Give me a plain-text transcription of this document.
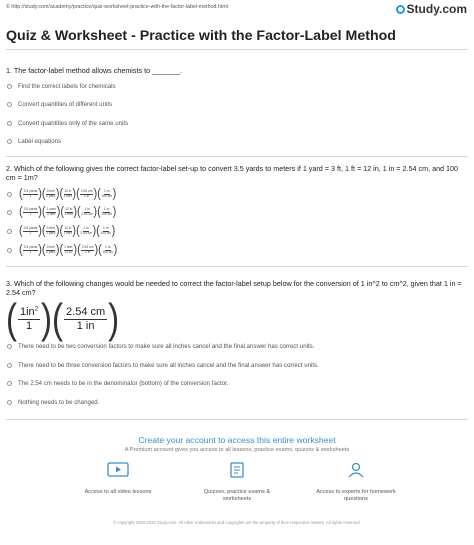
© http://study.com/academy/practice/quiz-worksheet-practice-with-the-factor-label-method.html	Study.com
Quiz & Worksheet - Practice with the Factor-Label Method
1. The factor-label method allows chemists to _______.
Find the correct labels for chemicals
Convert quantities of different units
Convert quantities only of the same units
Label equations
2. Which of the following gives the correct factor-label set-up to convert 3.5 yards to meters if 1 yard = 3 ft, 1 ft = 12 in, 1 in = 2.54 cm, and 100 cm = 1m?
( $\frac{\text{3.5 yards}}{1}$ ) ( $\frac{\text{3 feet}}{\text{1 yard}}$ ) ( $\frac{12 in}{\text{1 feet}}$ ) ( $\frac{2.54 cm}{1 in}$ ) ( $\frac{1 m}{100 cm}$ )
( $\frac{\text{3.5 yards}}{1}$ ) ( $\frac{\text{1 yard}}{\text{3 feet}}$ ) ( $\frac{12 in}{\text{1 feet}}$ ) ( $\frac{1 in}{2.54 cm}$ ) ( $\frac{1 m}{100 cm}$ )
( $\frac{\text{3.5 yards}}{1}$ ) ( $\frac{\text{3 feet}}{\text{1 yard}}$ ) ( $\frac{12 in}{\text{1 feet}}$ ) ( $\frac{1 in}{2.54 cm}$ ) ( $\frac{1 m}{100 cm}$ )
( $\frac{\text{3.5 yards}}{1}$ ) ( $\frac{\text{3 feet}}{\text{1 yard}}$ ) ( $\frac{\text{1 feet}}{12 in}$ ) ( $\frac{2.54 cm}{1 in}$ ) ( $\frac{1 m}{100 cm}$ )
3. Which of the following changes would be needed to correct the factor-label setup below for the conversion of 1 in^2 to cm^2, given that 1 in = 2.54 cm?
( $\frac{1in^2}{1}$ ) ( $\frac{2.54 cm}{1 in}$ )
There need to be two conversion factors to make sure all inches cancel and the final answer has correct units.
There need to be three conversion factors to make sure all inches cancel and the final answer has correct units.
The 2.54 cm needs to be in the denominator (bottom) of the conversion factor.
Nothing needs to be changed.
Create your account to access this entire worksheet
A Premium account gives you access to all lessons, practice exams, quizzes & worksheets
Access to all video lessons	Quizzes, practice exams & worksheets
Access to experts for homework questions
© copyright 2003-2020 Study.com. All other trademarks and copyrights are the property of their respective owners. All rights reserved.
